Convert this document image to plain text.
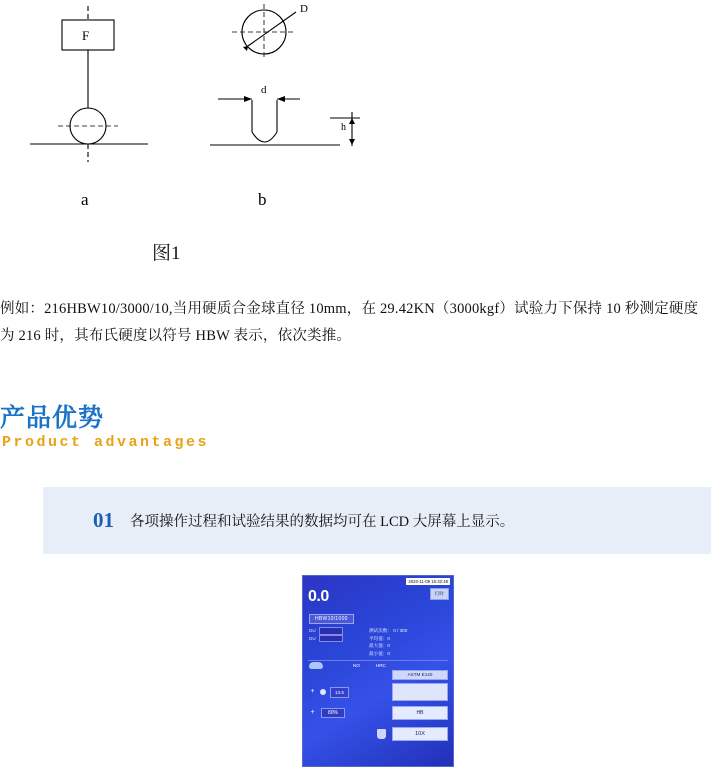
F
a	b
D
d
h
图1
例如：216HBW10/3000/10,当用硬质合金球直径 10mm，在 29.42KN（3000kgf）试验力下保持 10 秒测定硬度为 216 时，其布氏硬度以符号 HBW 表示，依次类推。
产品优势
Product advantages
01 各项操作过程和试验结果的数据均可在 LCD 大屏幕上显示。
2020-11-09 16:32:48
0.0	打时
HBW10/1000
DU
DU
测试次数： 0 / 300
平均值：0
最大值：0
最小值：0
NO	HRC
ASTM E140
+	13.5
+	80%	HB
10X
